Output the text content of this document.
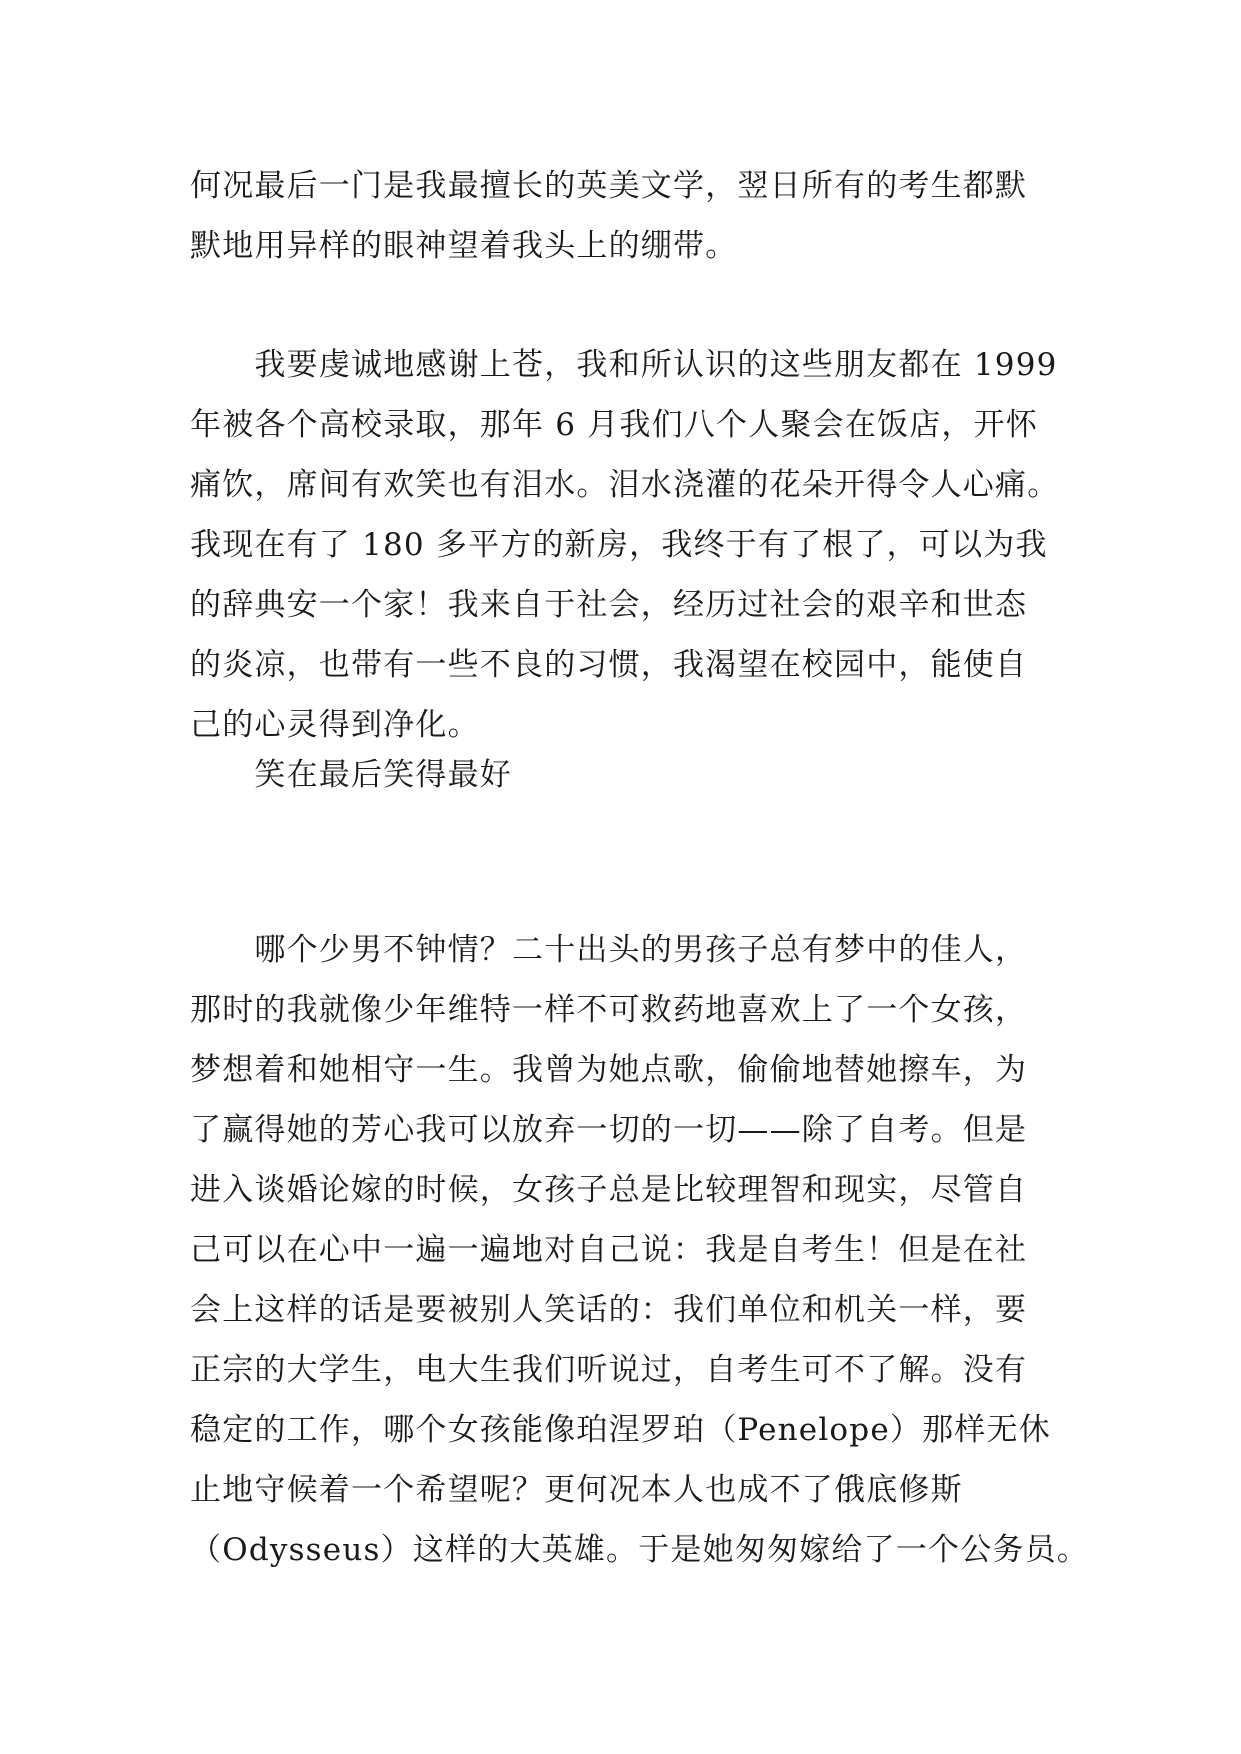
何况最后一门是我最擅长的英美文学，翌日所有的考生都默
默地用异样的眼神望着我头上的绷带。
　　我要虔诚地感谢上苍，我和所认识的这些朋友都在 1999
年被各个高校录取，那年 6 月我们八个人聚会在饭店，开怀
痛饮，席间有欢笑也有泪水。泪水浇灌的花朵开得令人心痛。
我现在有了 180 多平方的新房，我终于有了根了，可以为我
的辞典安一个家！我来自于社会，经历过社会的艰辛和世态
的炎凉，也带有一些不良的习惯，我渴望在校园中，能使自
己的心灵得到净化。
　　笑在最后笑得最好
　　哪个少男不钟情？二十出头的男孩子总有梦中的佳人，
那时的我就像少年维特一样不可救药地喜欢上了一个女孩，
梦想着和她相守一生。我曾为她点歌，偷偷地替她擦车，为
了赢得她的芳心我可以放弃一切的一切——除了自考。但是
进入谈婚论嫁的时候，女孩子总是比较理智和现实，尽管自
己可以在心中一遍一遍地对自己说：我是自考生！但是在社
会上这样的话是要被别人笑话的：我们单位和机关一样，要
正宗的大学生，电大生我们听说过，自考生可不了解。没有
稳定的工作，哪个女孩能像珀涅罗珀（Penelope）那样无休
止地守候着一个希望呢？更何况本人也成不了俄底修斯
（Odysseus）这样的大英雄。于是她匆匆嫁给了一个公务员。
